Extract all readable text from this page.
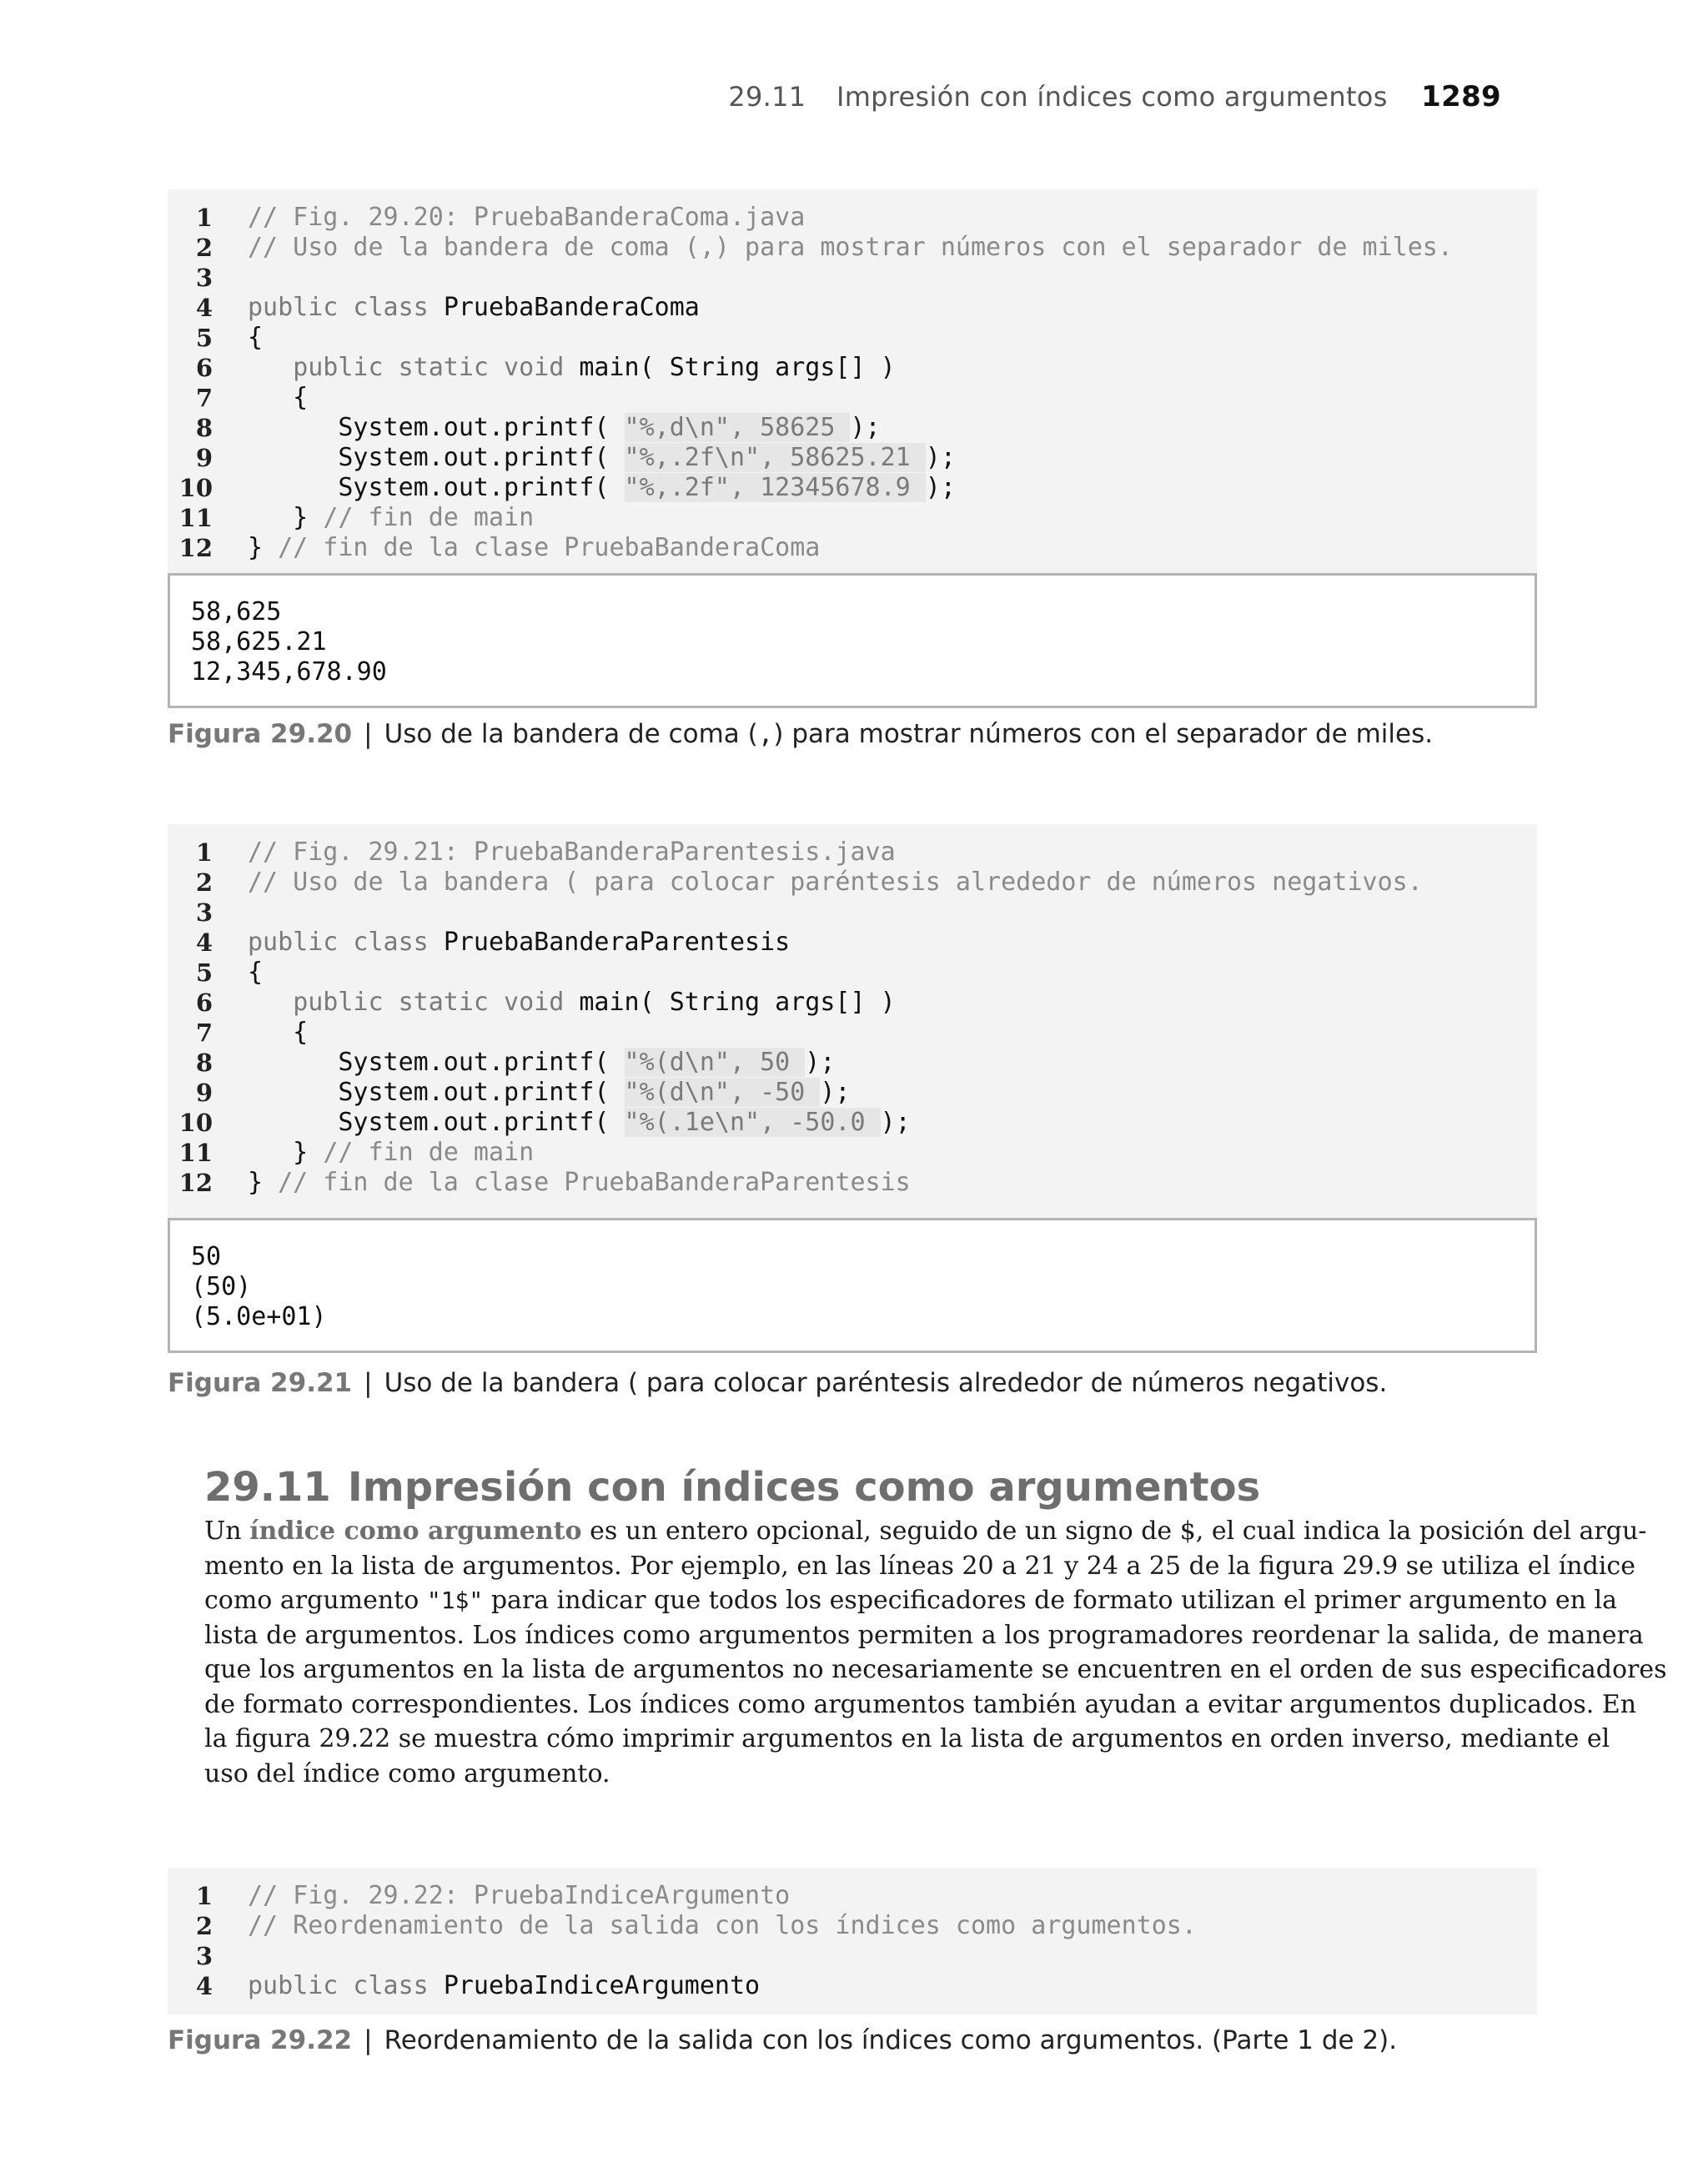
29.11 Impresión con índices como argumentos 1289
1 // Fig. 29.20: PruebaBanderaComa.java
2 // Uso de la bandera de coma (,) para mostrar números con el separador de miles.
3
4 public class PruebaBanderaComa
5 {
6	public static void main( String args[] )
7 {
8 System.out.printf( "%,d\n", 58625 );
9 System.out.printf( "%,.2f\n", 58625.21 );
10 System.out.printf( "%,.2f", 12345678.9 );
11 } // fin de main
12 } // fin de la clase PruebaBanderaComa
58,625
58,625.21
12,345,678.90
Figura 29.20 | Uso de la bandera de coma (,) para mostrar números con el separador de miles.
1 // Fig. 29.21: PruebaBanderaParentesis.java
2 // Uso de la bandera ( para colocar paréntesis alrededor de números negativos.
3
4 public class PruebaBanderaParentesis
5 {
6	public static void main( String args[] )
7 {
8 System.out.printf( "%(d\n", 50 );
9 System.out.printf( "%(d\n", -50 );
10 System.out.printf( "%(.1e\n", -50.0 );
11 } // fin de main
12 } // fin de la clase PruebaBanderaParentesis
50
(50)
(5.0e+01)
Figura 29.21 | Uso de la bandera ( para colocar paréntesis alrededor de números negativos.
29.11 Impresión con índices como argumentos
Un índice como argumento es un entero opcional, seguido de un signo de $, el cual indica la posición del argu-
mento en la lista de argumentos. Por ejemplo, en las líneas 20 a 21 y 24 a 25 de la figura 29.9 se utiliza el índice
como argumento "1$" para indicar que todos los especificadores de formato utilizan el primer argumento en la
lista de argumentos. Los índices como argumentos permiten a los programadores reordenar la salida, de manera
que los argumentos en la lista de argumentos no necesariamente se encuentren en el orden de sus especificadores
de formato correspondientes. Los índices como argumentos también ayudan a evitar argumentos duplicados. En
la figura 29.22 se muestra cómo imprimir argumentos en la lista de argumentos en orden inverso, mediante el
uso del índice como argumento.
1 // Fig. 29.22: PruebaIndiceArgumento
2 // Reordenamiento de la salida con los índices como argumentos.
3
4 public class PruebaIndiceArgumento
Figura 29.22 | Reordenamiento de la salida con los índices como argumentos. (Parte 1 de 2).
